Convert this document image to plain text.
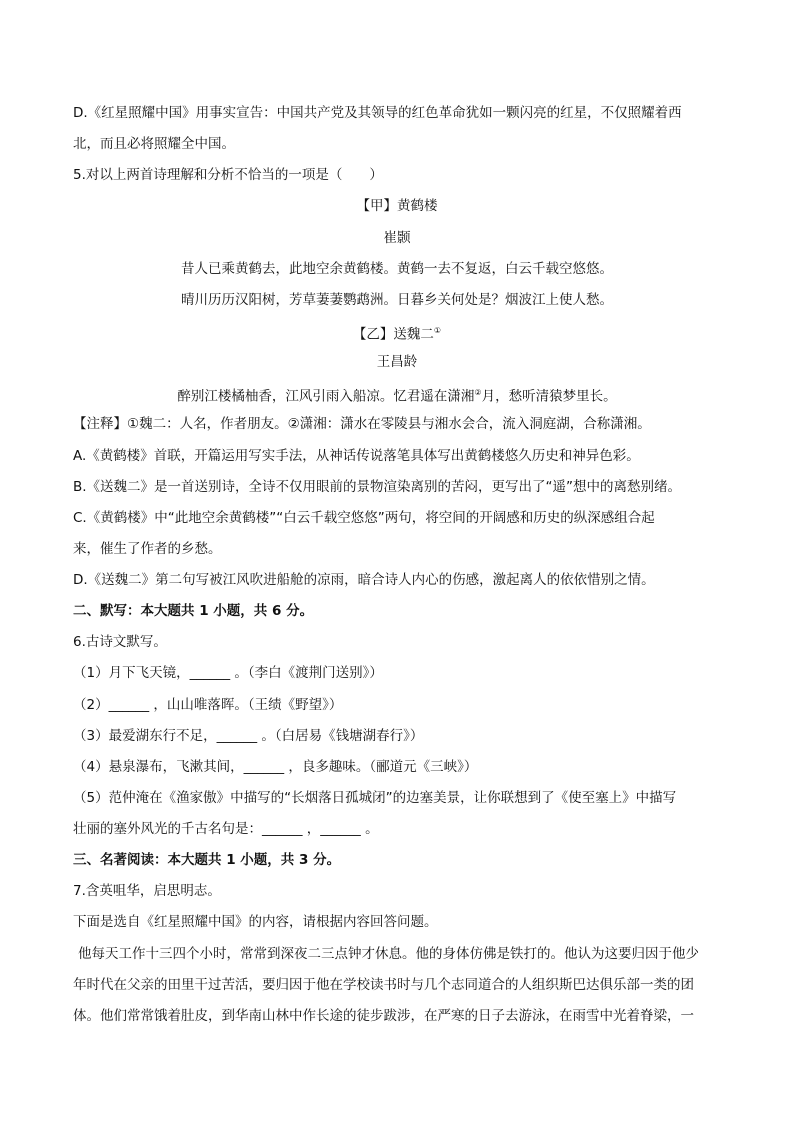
D.《红星照耀中国》用事实宣告：中国共产党及其领导的红色革命犹如一颗闪亮的红星，不仅照耀着西
北，而且必将照耀全中国。
5.对以上两首诗理解和分析不恰当的一项是（　　）
【甲】黄鹤楼
崔颢
昔人已乘黄鹤去，此地空余黄鹤楼。黄鹤一去不复返，白云千载空悠悠。
晴川历历汉阳树，芳草萋萋鹦鹉洲。日暮乡关何处是？烟波江上使人愁。
【乙】送魏二①
王昌龄
醉别江楼橘柚香，江风引雨入船凉。忆君遥在潇湘②月，愁听清猿梦里长。
【注释】①魏二：人名，作者朋友。②潇湘：潇水在零陵县与湘水会合，流入洞庭湖，合称潇湘。
A.《黄鹤楼》首联，开篇运用写实手法，从神话传说落笔具体写出黄鹤楼悠久历史和神异色彩。
B.《送魏二》是一首送别诗，全诗不仅用眼前的景物渲染离别的苦闷，更写出了“遥”想中的离愁别绪。
C.《黄鹤楼》中“此地空余黄鹤楼”“白云千载空悠悠”两句，将空间的开阔感和历史的纵深感组合起
来，催生了作者的乡愁。
D.《送魏二》第二句写被江风吹进船舱的凉雨，暗合诗人内心的伤感，激起离人的依依惜别之情。
二、默写：本大题共 1 小题，共 6 分。
6.古诗文默写。
（1）月下飞天镜，______ 。（李白《渡荆门送别》）
（2）______ ，山山唯落晖。（王绩《野望》）
（3）最爱湖东行不足，______ 。（白居易《钱塘湖春行》）
（4）悬泉瀑布，飞漱其间，______ ，良多趣味。（郦道元《三峡》）
（5）范仲淹在《渔家傲》中描写的“长烟落日孤城闭”的边塞美景，让你联想到了《使至塞上》中描写
壮丽的塞外风光的千古名句是：______ ，______ 。
三、名著阅读：本大题共 1 小题，共 3 分。
7.含英咀华，启思明志。
下面是选自《红星照耀中国》的内容，请根据内容回答问题。
他每天工作十三四个小时，常常到深夜二三点钟才休息。他的身体仿佛是铁打的。他认为这要归因于他少
年时代在父亲的田里干过苦活，要归因于他在学校读书时与几个志同道合的人组织斯巴达俱乐部一类的团
体。他们常常饿着肚皮，到华南山林中作长途的徒步跋涉，在严寒的日子去游泳，在雨雪中光着脊梁，一
